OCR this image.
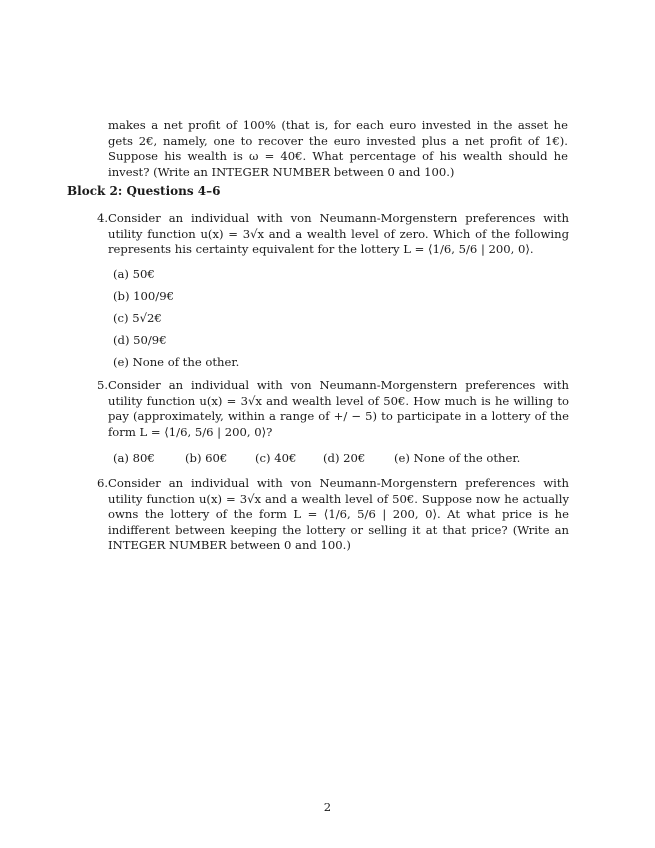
makes a net profit of 100% (that is, for each euro invested in the asset he gets 2€, namely, one to recover the euro invested plus a net profit of 1€). Suppose his wealth is ω = 40€. What percentage of his wealth should he invest? (Write an INTEGER NUMBER between 0 and 100.)
Block 2: Questions 4–6
4. Consider an individual with von Neumann-Morgenstern preferences with utility function u(x) = 3√x and a wealth level of zero. Which of the following represents his certainty equivalent for the lottery L = ⟨1/6, 5/6 | 200, 0⟩.
(a) 50€
(b) 100/9€
(c) 5√2€
(d) 50/9€
(e) None of the other.
5. Consider an individual with von Neumann-Morgenstern preferences with utility function u(x) = 3√x and wealth level of 50€. How much is he willing to pay (approximately, within a range of +/ − 5) to participate in a lottery of the form L = ⟨1/6, 5/6 | 200, 0⟩?
(a) 80€	(b) 60€ (c) 40€ (d) 20€ (e) None of the other.
6. Consider an individual with von Neumann-Morgenstern preferences with utility function u(x) = 3√x and a wealth level of 50€. Suppose now he actually owns the lottery of the form L = ⟨1/6, 5/6 | 200, 0⟩. At what price is he indifferent between keeping the lottery or selling it at that price? (Write an INTEGER NUMBER between 0 and 100.)
2
